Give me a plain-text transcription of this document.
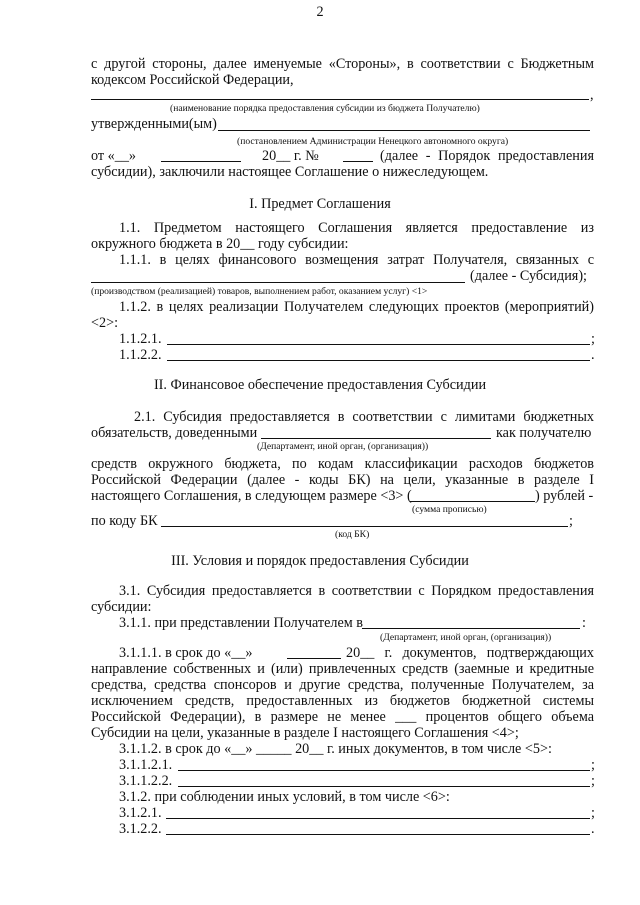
2
с другой стороны, далее именуемые «Стороны», в соответствии с Бюджетным
кодексом Российской Федерации,
,
(наименование порядка предоставления субсидии из бюджета Получателю)
утвержденными(ым)
(постановлением Администрации Ненецкого автономного округа)
от «__»	20__ г. №	(далее - Порядок предоставления
субсидии), заключили настоящее Соглашение о нижеследующем.
I. Предмет Соглашения
1.1. Предметом настоящего Соглашения является предоставление из
окружного бюджета в 20__ году субсидии:
1.1.1. в целях финансового возмещения затрат Получателя, связанных с
(далее - Субсидия);
(производством (реализацией) товаров, выполнением работ, оказанием услуг) <1>
1.1.2. в целях реализации Получателем следующих проектов (мероприятий)
<2>:
1.1.2.1.	;
1.1.2.2.	.
II. Финансовое обеспечение предоставления Субсидии
2.1. Субсидия предоставляется в соответствии с лимитами бюджетных
обязательств, доведенными	как получателю
(Департамент, иной орган, (организация))
средств окружного бюджета, по кодам классификации расходов бюджетов
Российской Федерации (далее - коды БК) на цели, указанные в разделе I
настоящего Соглашения, в следующем размере <3> (	) рублей -
(сумма прописью)
по коду БК	;
(код БК)
III. Условия и порядок предоставления Субсидии
3.1. Субсидия предоставляется в соответствии с Порядком предоставления
субсидии:
3.1.1. при представлении Получателем в	:
(Департамент, иной орган, (организация))
3.1.1.1. в срок до «__»	20__ г. документов, подтверждающих
направление собственных и (или) привлеченных средств (заемные и кредитные
средства, средства спонсоров и другие средства, полученные Получателем, за
исключением средств, предоставленных из бюджетов бюджетной системы
Российской Федерации), в размере не менее ___ процентов общего объема
Субсидии на цели, указанные в разделе I настоящего Соглашения <4>;
3.1.1.2. в срок до «__» _____ 20__ г. иных документов, в том числе <5>:
3.1.1.2.1.	;
3.1.1.2.2.	;
3.1.2. при соблюдении иных условий, в том числе <6>:
3.1.2.1.	;
3.1.2.2.	.
